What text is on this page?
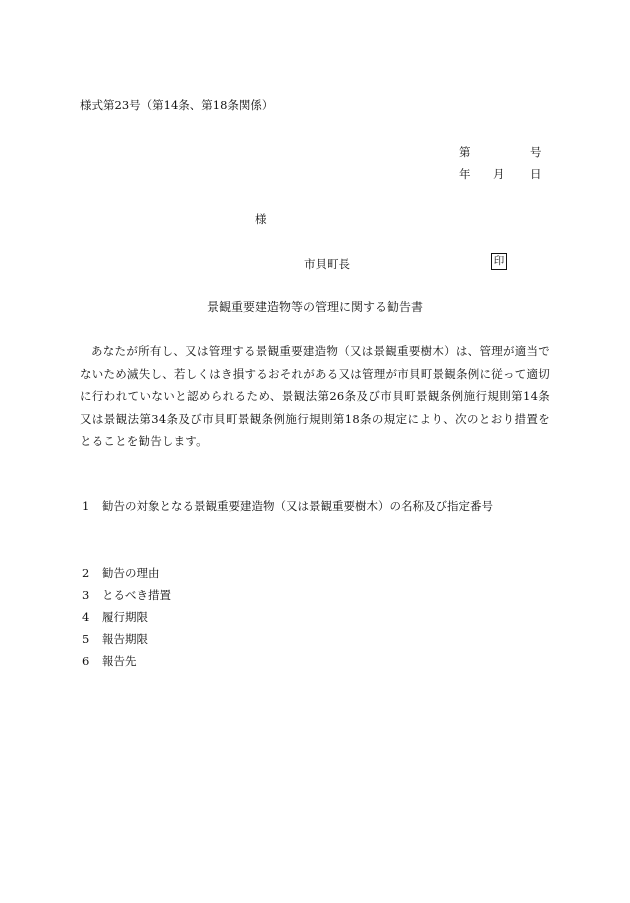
様式第23号（第14条、第18条関係）
第	号
年 月 日
様
市貝町長	印
景観重要建造物等の管理に関する勧告書
あなたが所有し、又は管理する景観重要建造物（又は景観重要樹木）は、管理が適当でないため滅失し、若しくはき損するおそれがある又は管理が市貝町景観条例に従って適切に行われていないと認められるため、景観法第26条及び市貝町景観条例施行規則第14条又は景観法第34条及び市貝町景観条例施行規則第18条の規定により、次のとおり措置をとることを勧告します。
1 勧告の対象となる景観重要建造物（又は景観重要樹木）の名称及び指定番号
2 勧告の理由
3 とるべき措置
4 履行期限
5 報告期限
6 報告先
